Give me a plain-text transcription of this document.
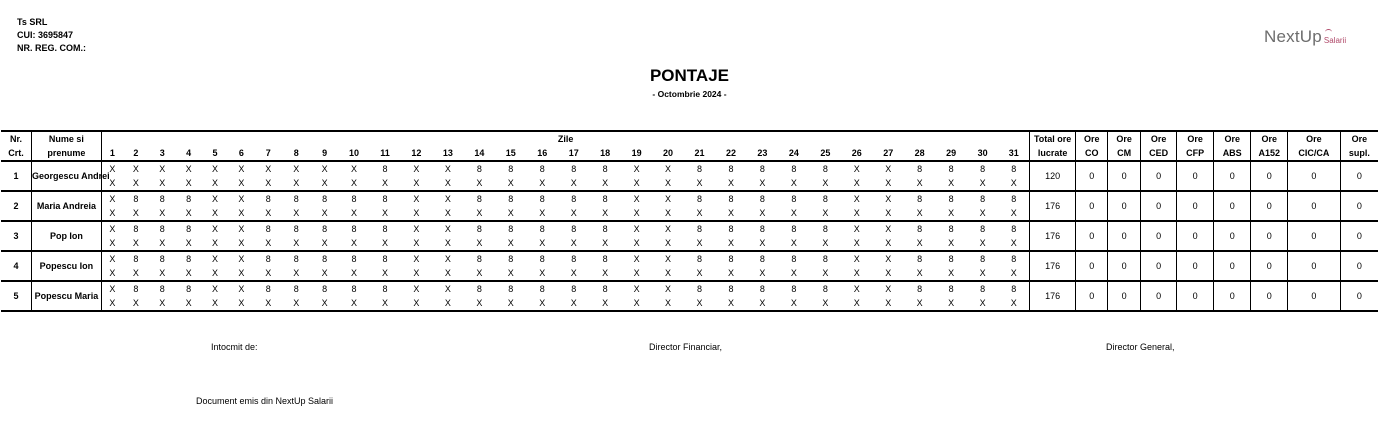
Ts SRL
CUI: 3695847
NR. REG. COM.:
NextUp Salarii
PONTAJE
- Octombrie 2024 -
Nr.	Nume si	Zile																															Total ore	Ore	Ore	Ore	Ore	Ore	Ore	Ore	Ore
Crt.	prenume	1	2	3	4	5	6	7	8	9	10	11	12	13	14	15	16	17	18	19	20	21	22	23	24	25	26	27	28	29	30	31	lucrate	CO	CM	CED	CFP	ABS	A152	CIC/CA	supl.
1	Georgescu Andrei	X	X	X	X	X	X	X	X	X	X	8	X	X	8	8	8	8	8	X	X	8	8	8	8	8	X	X	8	8	8	8	120	0	0	0	0	0	0	0	0
		X	X	X	X	X	X	X	X	X	X	X	X	X	X	X	X	X	X	X	X	X	X	X	X	X	X	X	X	X	X	X									
2	Maria Andreia	X	8	8	8	X	X	8	8	8	8	8	X	X	8	8	8	8	8	X	X	8	8	8	8	8	X	X	8	8	8	8	176	0	0	0	0	0	0	0	0
		X	X	X	X	X	X	X	X	X	X	X	X	X	X	X	X	X	X	X	X	X	X	X	X	X	X	X	X	X	X	X									
3	Pop Ion	X	8	8	8	X	X	8	8	8	8	8	X	X	8	8	8	8	8	X	X	8	8	8	8	8	X	X	8	8	8	8	176	0	0	0	0	0	0	0	0
		X	X	X	X	X	X	X	X	X	X	X	X	X	X	X	X	X	X	X	X	X	X	X	X	X	X	X	X	X	X	X									
4	Popescu Ion	X	8	8	8	X	X	8	8	8	8	8	X	X	8	8	8	8	8	X	X	8	8	8	8	8	X	X	8	8	8	8	176	0	0	0	0	0	0	0	0
		X	X	X	X	X	X	X	X	X	X	X	X	X	X	X	X	X	X	X	X	X	X	X	X	X	X	X	X	X	X	X									
5	Popescu Maria	X	8	8	8	X	X	8	8	8	8	8	X	X	8	8	8	8	8	X	X	8	8	8	8	8	X	X	8	8	8	8	176	0	0	0	0	0	0	0	0
		X	X	X	X	X	X	X	X	X	X	X	X	X	X	X	X	X	X	X	X	X	X	X	X	X	X	X	X	X	X	X									
Intocmit de:	Director Financiar,	Director General,
Document emis din NextUp Salarii
